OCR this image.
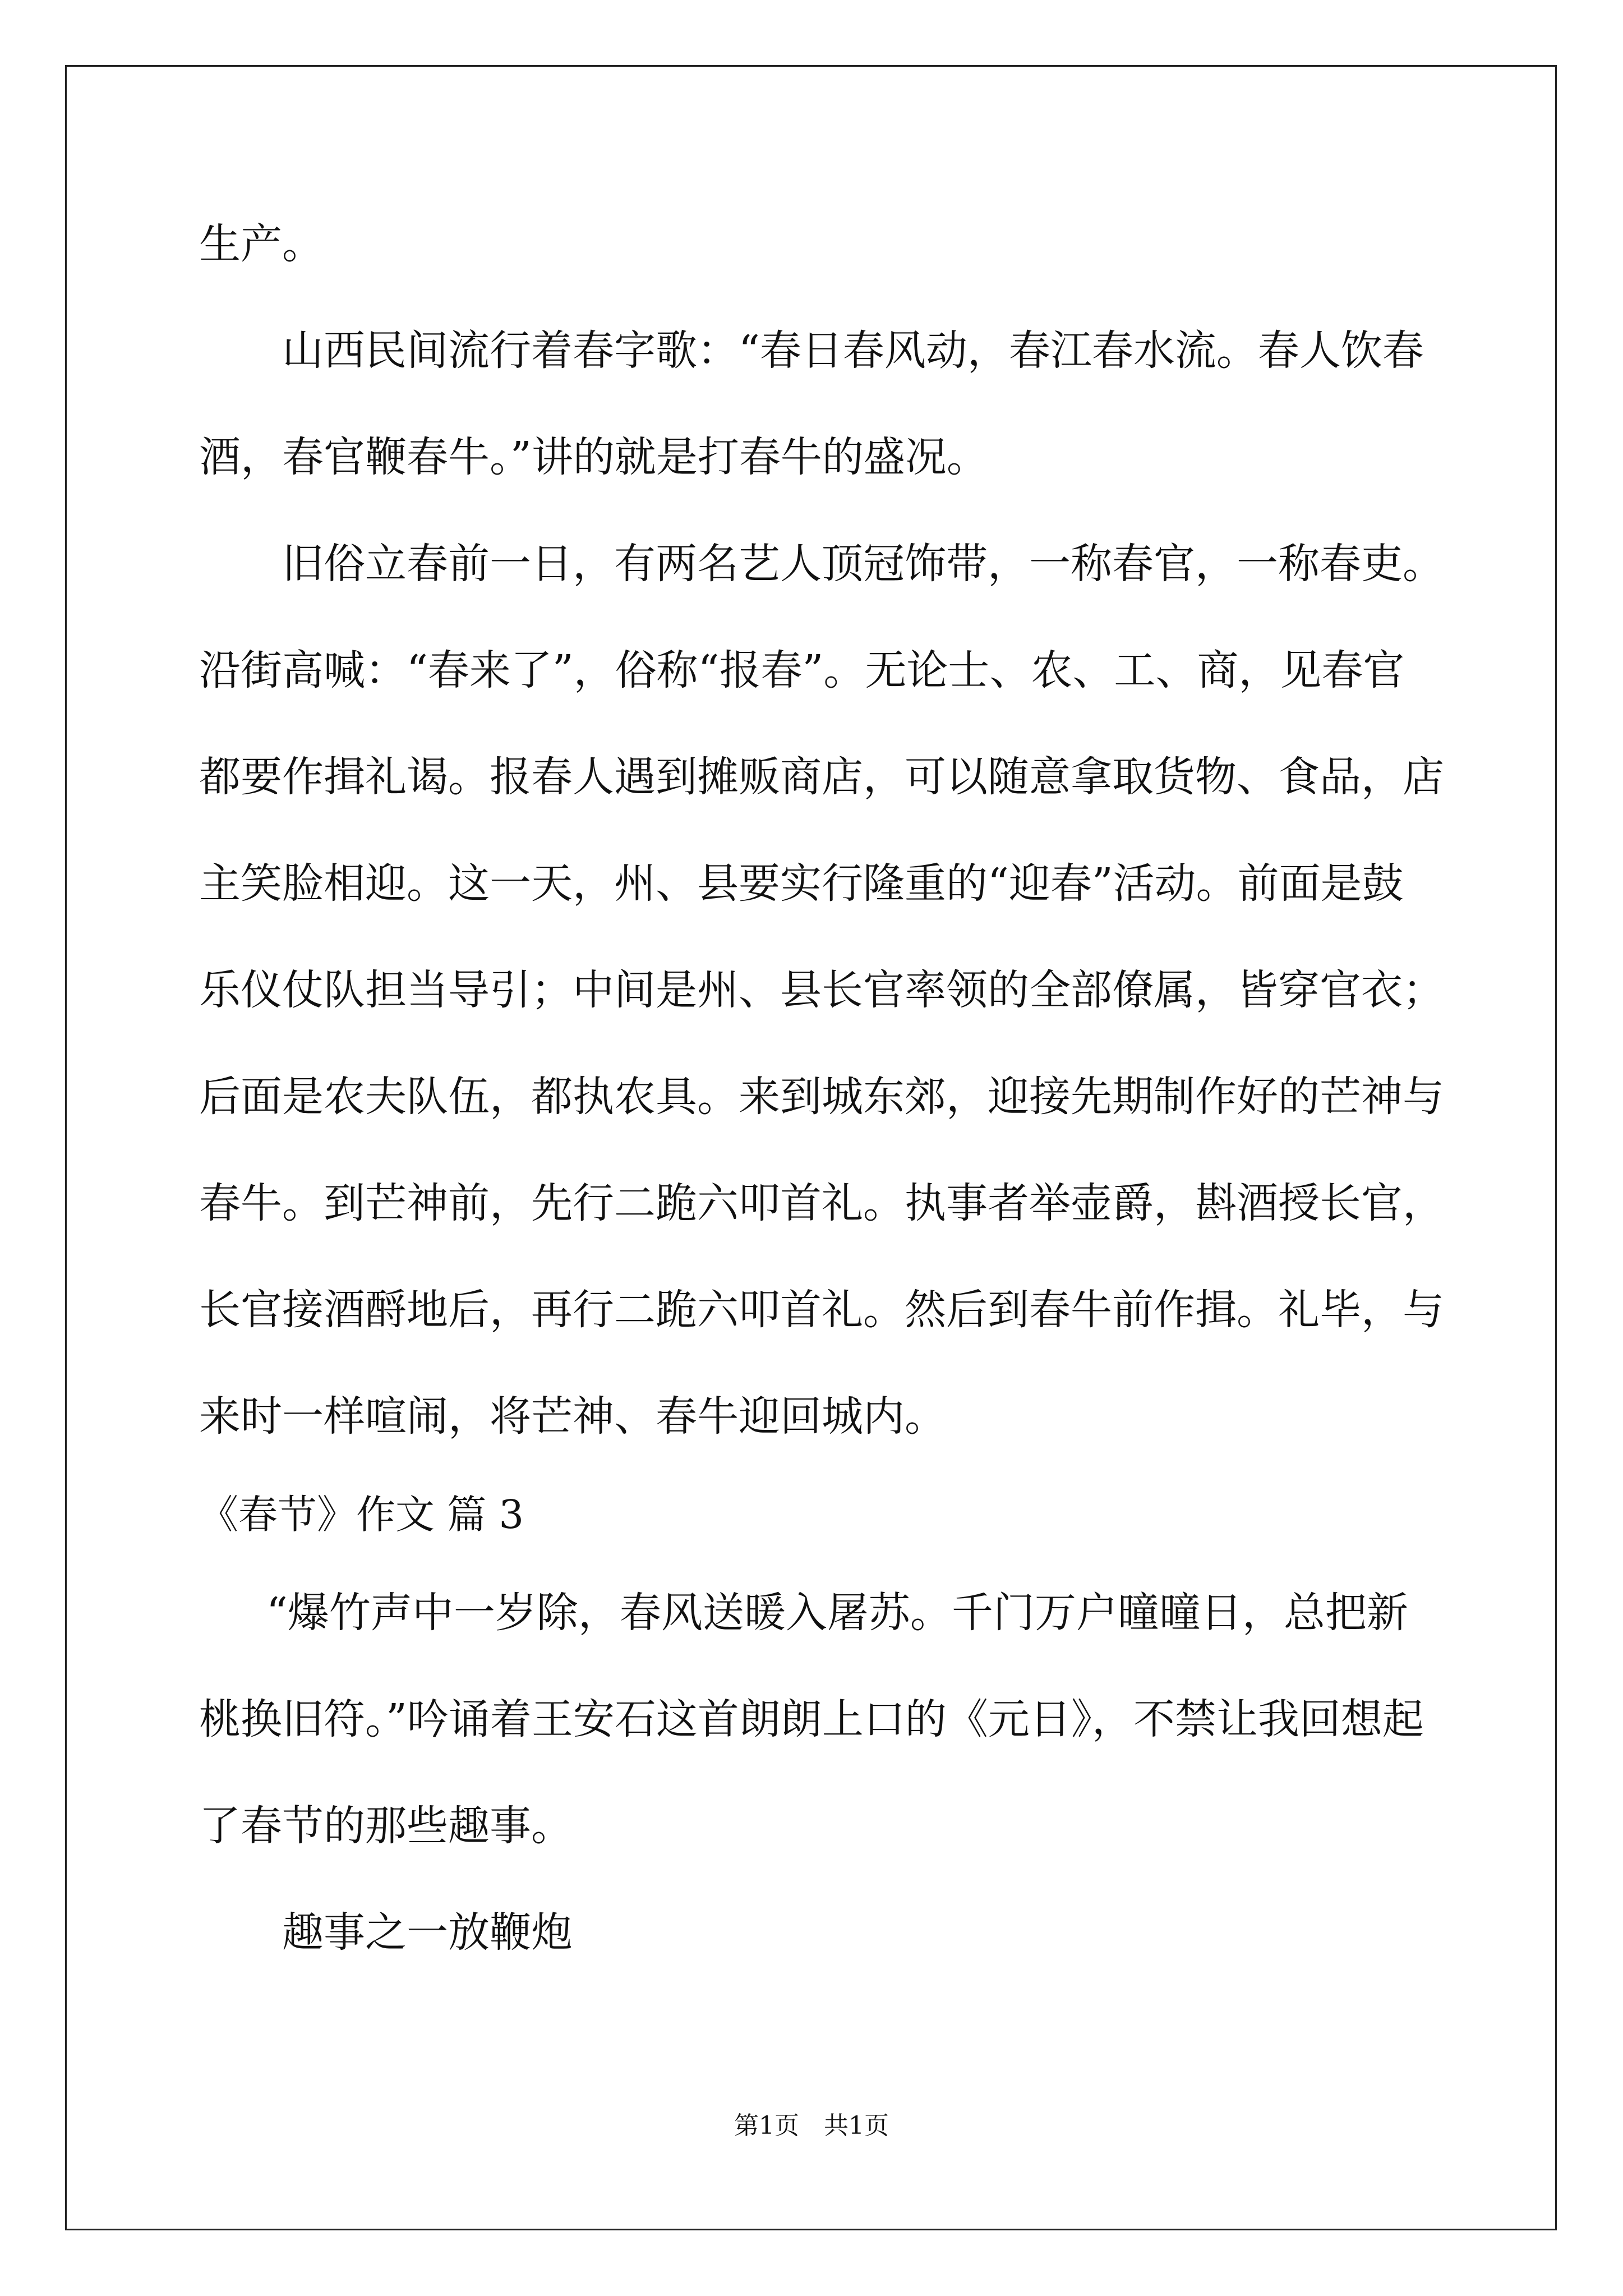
生产。
山西民间流行着春字歌：“春日春风动，春江春水流。春人饮春
酒，春官鞭春牛。”讲的就是打春牛的盛况。
旧俗立春前一日，有两名艺人顶冠饰带，一称春官，一称春吏。
沿街高喊：“春来了”，俗称“报春”。无论士、农、工、商，见春官
都要作揖礼谒。报春人遇到摊贩商店，可以随意拿取货物、食品，店
主笑脸相迎。这一天，州、县要实行隆重的“迎春”活动。前面是鼓
乐仪仗队担当导引；中间是州、县长官率领的全部僚属，皆穿官衣；
后面是农夫队伍，都执农具。来到城东郊，迎接先期制作好的芒神与
春牛。到芒神前，先行二跪六叩首礼。执事者举壶爵，斟酒授长官，
长官接酒酹地后，再行二跪六叩首礼。然后到春牛前作揖。礼毕，与
来时一样喧闹，将芒神、春牛迎回城内。
《春节》作文 篇 3
“爆竹声中一岁除，春风送暖入屠苏。千门万户曈曈日，总把新
桃换旧符。”吟诵着王安石这首朗朗上口的《元日》，不禁让我回想起
了春节的那些趣事。
趣事之一放鞭炮
第1页　共1页
